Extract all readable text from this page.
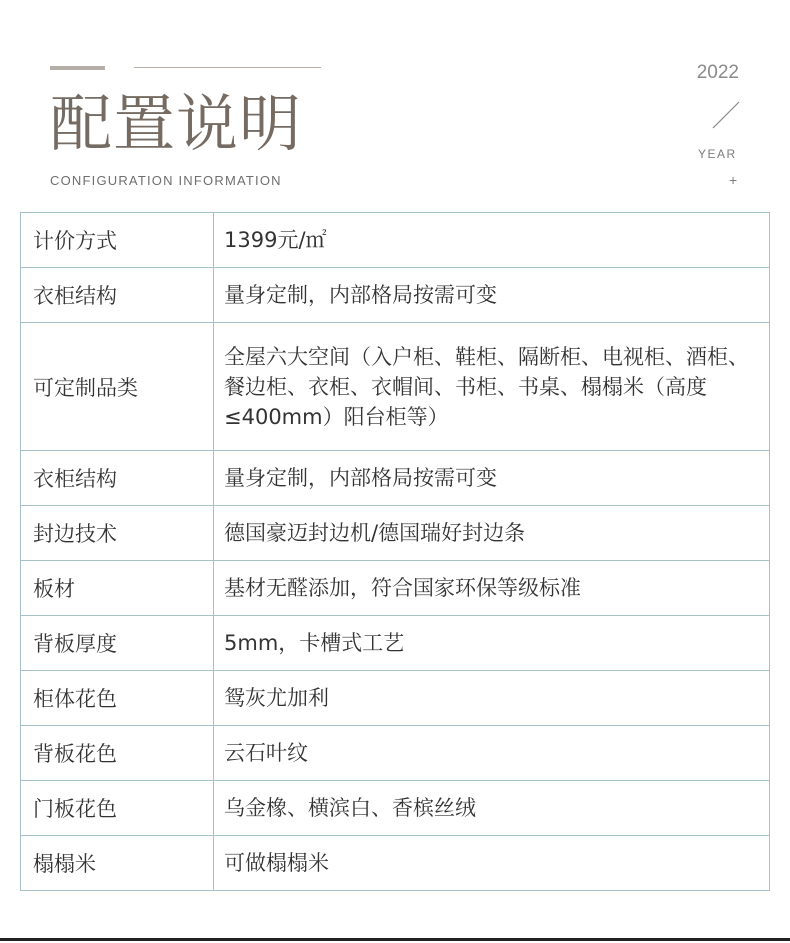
配置说明
CONFIGURATION INFORMATION
2022
YEAR
+
计价方式	1399元/㎡
衣柜结构	量身定制，内部格局按需可变
可定制品类	全屋六大空间（入户柜、鞋柜、隔断柜、电视柜、酒柜、餐边柜、衣柜、衣帽间、书柜、书桌、榻榻米（高度≤400mm）阳台柜等）
衣柜结构	量身定制，内部格局按需可变
封边技术	德国豪迈封边机/德国瑞好封边条
板材	基材无醛添加，符合国家环保等级标准
背板厚度	5mm，卡槽式工艺
柜体花色	鸳灰尤加利
背板花色	云石叶纹
门板花色	乌金橡、横滨白、香槟丝绒
榻榻米	可做榻榻米
